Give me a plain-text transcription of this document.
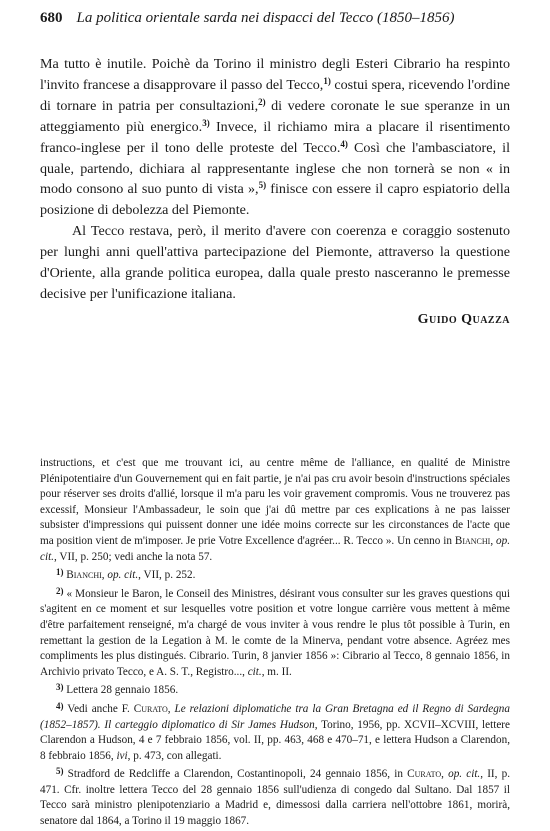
680 La politica orientale sarda nei dispacci del Tecco (1850–1856)

Ma tutto è inutile. Poichè da Torino il ministro degli Esteri Cibrario ha respinto l'invito francese a disapprovare il passo del Tecco,$^{1)}$ costui spera, ricevendo l'ordine di tornare in patria per consultazioni,$^{2)}$ di vedere coronate le sue speranze in un atteggiamento più energico.$^{3)}$ Invece, il richiamo mira a placare il risentimento franco-inglese per il tono delle proteste del Tecco.$^{4)}$ Così che l'ambasciatore, il quale, partendo, dichiara al rappresentante inglese che non tornerà se non « in modo consono al suo punto di vista »,$^{5)}$ finisce con essere il capro espiatorio della posizione di debolezza del Piemonte.

Al Tecco restava, però, il merito d'avere con coerenza e coraggio sostenuto per lunghi anni quell'attiva partecipazione del Piemonte, attraverso la questione d'Oriente, alla grande politica europea, dalla quale presto nasceranno le premesse decisive per l'unificazione italiana.

Guido Quazza

instructions, et c'est que me trouvant ici, au centre même de l'alliance, en qualité de Ministre Plénipotentiaire d'un Gouvernement qui en fait partie, je n'ai pas cru avoir besoin d'instructions spéciales pour réserver ses droits d'allié, lorsque il m'a paru les voir gravement compromis. Vous ne trouverez pas excessif, Monsieur l'Ambassadeur, le soin que j'ai dû mettre par ces explications à ne pas laisser subsister d'impressions qui puissent donner une idée moins correcte sur les circonstances de l'acte que ma position vient de m'imposer. Je prie Votre Excellence d'agréer... R. Tecco ». Un cenno in Bianchi, op. cit., VII, p. 250; vedi anche la nota 57.

$^{1)}$ Bianchi, op. cit., VII, p. 252.

$^{2)}$ « Monsieur le Baron, le Conseil des Ministres, désirant vous consulter sur les graves questions qui s'agitent en ce moment et sur lesquelles votre position et votre longue carrière vous mettent à même d'être parfaitement renseigné, m'a chargé de vous inviter à vous rendre le plus tôt possible à Turin, en remettant la gestion de la Legation à M. le comte de la Minerva, pendant votre absence. Agréez mes compliments les plus distingués. Cibrario. Turin, 8 janvier 1856 »: Cibrario al Tecco, 8 gennaio 1856, in Archivio privato Tecco, e A. S. T., Registro..., cit., m. II.

$^{3)}$ Lettera 28 gennaio 1856.

$^{4)}$ Vedi anche F. Curato, Le relazioni diplomatiche tra la Gran Bretagna ed il Regno di Sardegna (1852–1857). Il carteggio diplomatico di Sir James Hudson, Torino, 1956, pp. XCVII–XCVIII, lettere Clarendon a Hudson, 4 e 7 febbraio 1856, vol. II, pp. 463, 468 e 470–71, e lettera Hudson a Clarendon, 8 febbraio 1856, ivi, p. 473, con allegati.

$^{5)}$ Stradford de Redcliffe a Clarendon, Costantinopoli, 24 gennaio 1856, in Curato, op. cit., II, p. 471. Cfr. inoltre lettera Tecco del 28 gennaio 1856 sull'udienza di congedo dal Sultano. Dal 1857 il Tecco sarà ministro plenipotenziario a Madrid e, dimessosi dalla carriera nell'ottobre 1861, morirà, senatore dal 1864, a Torino il 19 maggio 1867.
